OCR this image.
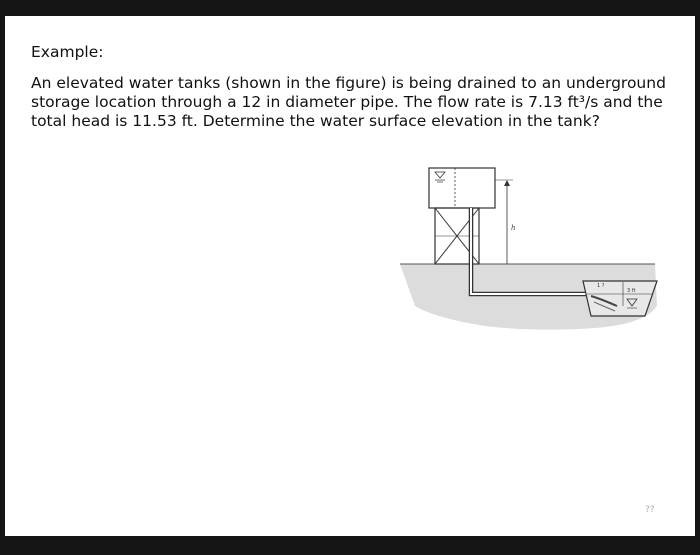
Example:

An elevated water tanks (shown in the figure) is being drained to an underground storage location through a 12 in diameter pipe. The flow rate is 7.13 ft³/s and the total head is 11.53 ft. Determine the water surface elevation in the tank?

h
1 ?
3 ft
??
